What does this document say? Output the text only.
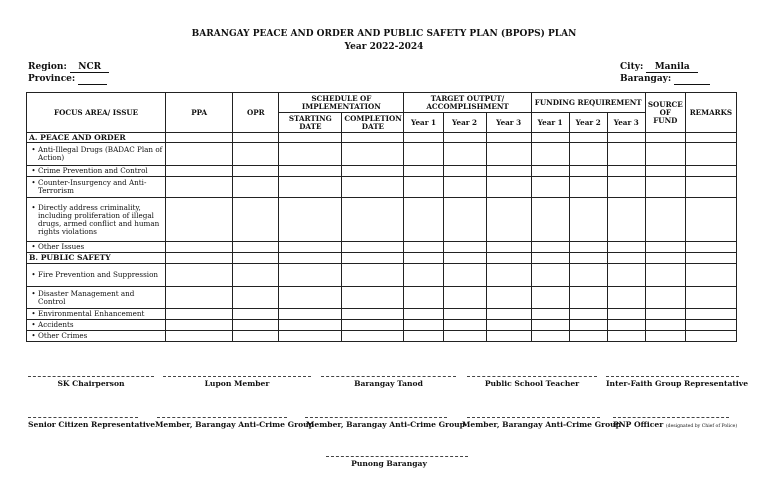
BARANGAY PEACE AND ORDER AND PUBLIC SAFETY PLAN (BPOPS) PLAN
Year 2022-2024
Region: NCR
Province:
City: Manila
Barangay:
FOCUS AREA/ ISSUE	PPA	OPR	SCHEDULE OF IMPLEMENTATION		TARGET OUTPUT/ ACCOMPLISHMENT			FUNDING REQUIREMENT			SOURCE OF FUND	REMARKS
			STARTING DATE	COMPLETION DATE	Year 1	Year 2	Year 3	Year 1	Year 2	Year 3		
A. PEACE AND ORDER												

• Anti-Illegal Drugs (BADAC Plan of Action)												

• Crime Prevention and Control												

• Counter-Insurgency and Anti-Terrorism												

• Directly address criminality, including proliferation of illegal drugs, armed conflict and human rights violations												

• Other Issues												

B. PUBLIC SAFETY												

• Fire Prevention and Suppression												

• Disaster Management and Control												

• Environmental Enhancement												

• Accidents												

• Other Crimes												

SK Chairperson	Lupon Member	Barangay Tanod	Public School Teacher	Inter-Faith Group Representative
Senior Citizen Representative Member, Barangay Anti-Crime Group
Member, Barangay Anti-Crime Group
Member, Barangay Anti-Crime Group
PNP Officer (designated by Chief of Police)
Punong Barangay
